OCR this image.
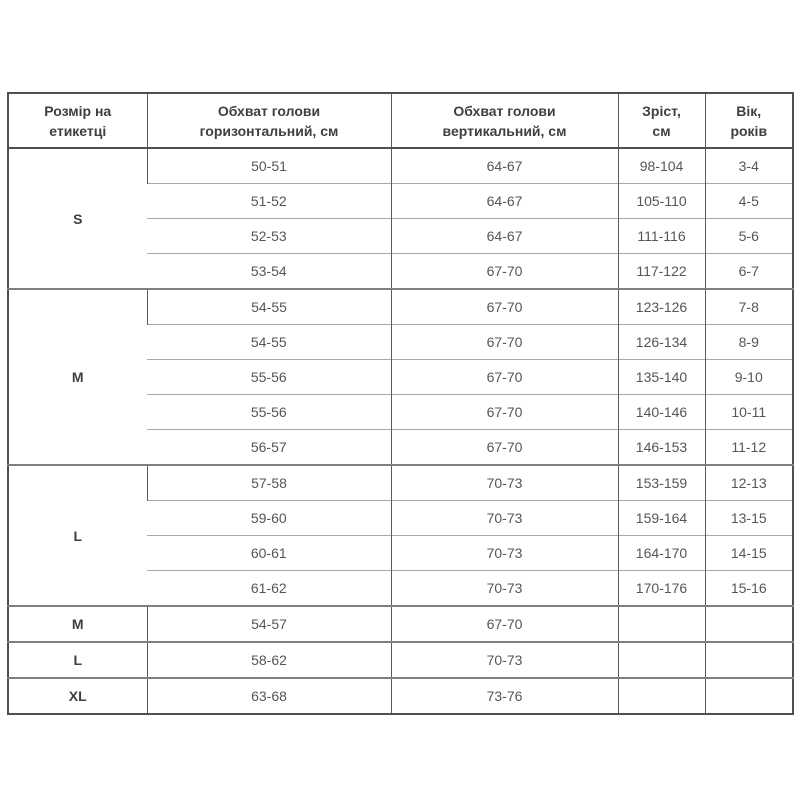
Розмір на
етикетці

Обхват голови
горизонтальний, см

Обхват голови
вертикальний, см

Зріст,
см

Вік,
років

S	50-51	64-67	98-104	3-4
	51-52	64-67	105-110	4-5
	52-53	64-67	111-116	5-6
	53-54	67-70	117-122	6-7
M	54-55	67-70	123-126	7-8
	54-55	67-70	126-134	8-9
	55-56	67-70	135-140	9-10
	55-56	67-70	140-146	10-11
	56-57	67-70	146-153	11-12
L	57-58	70-73	153-159	12-13
	59-60	70-73	159-164	13-15
	60-61	70-73	164-170	14-15
	61-62	70-73	170-176	15-16
M	54-57	67-70		
L	58-62	70-73		
XL	63-68	73-76		
